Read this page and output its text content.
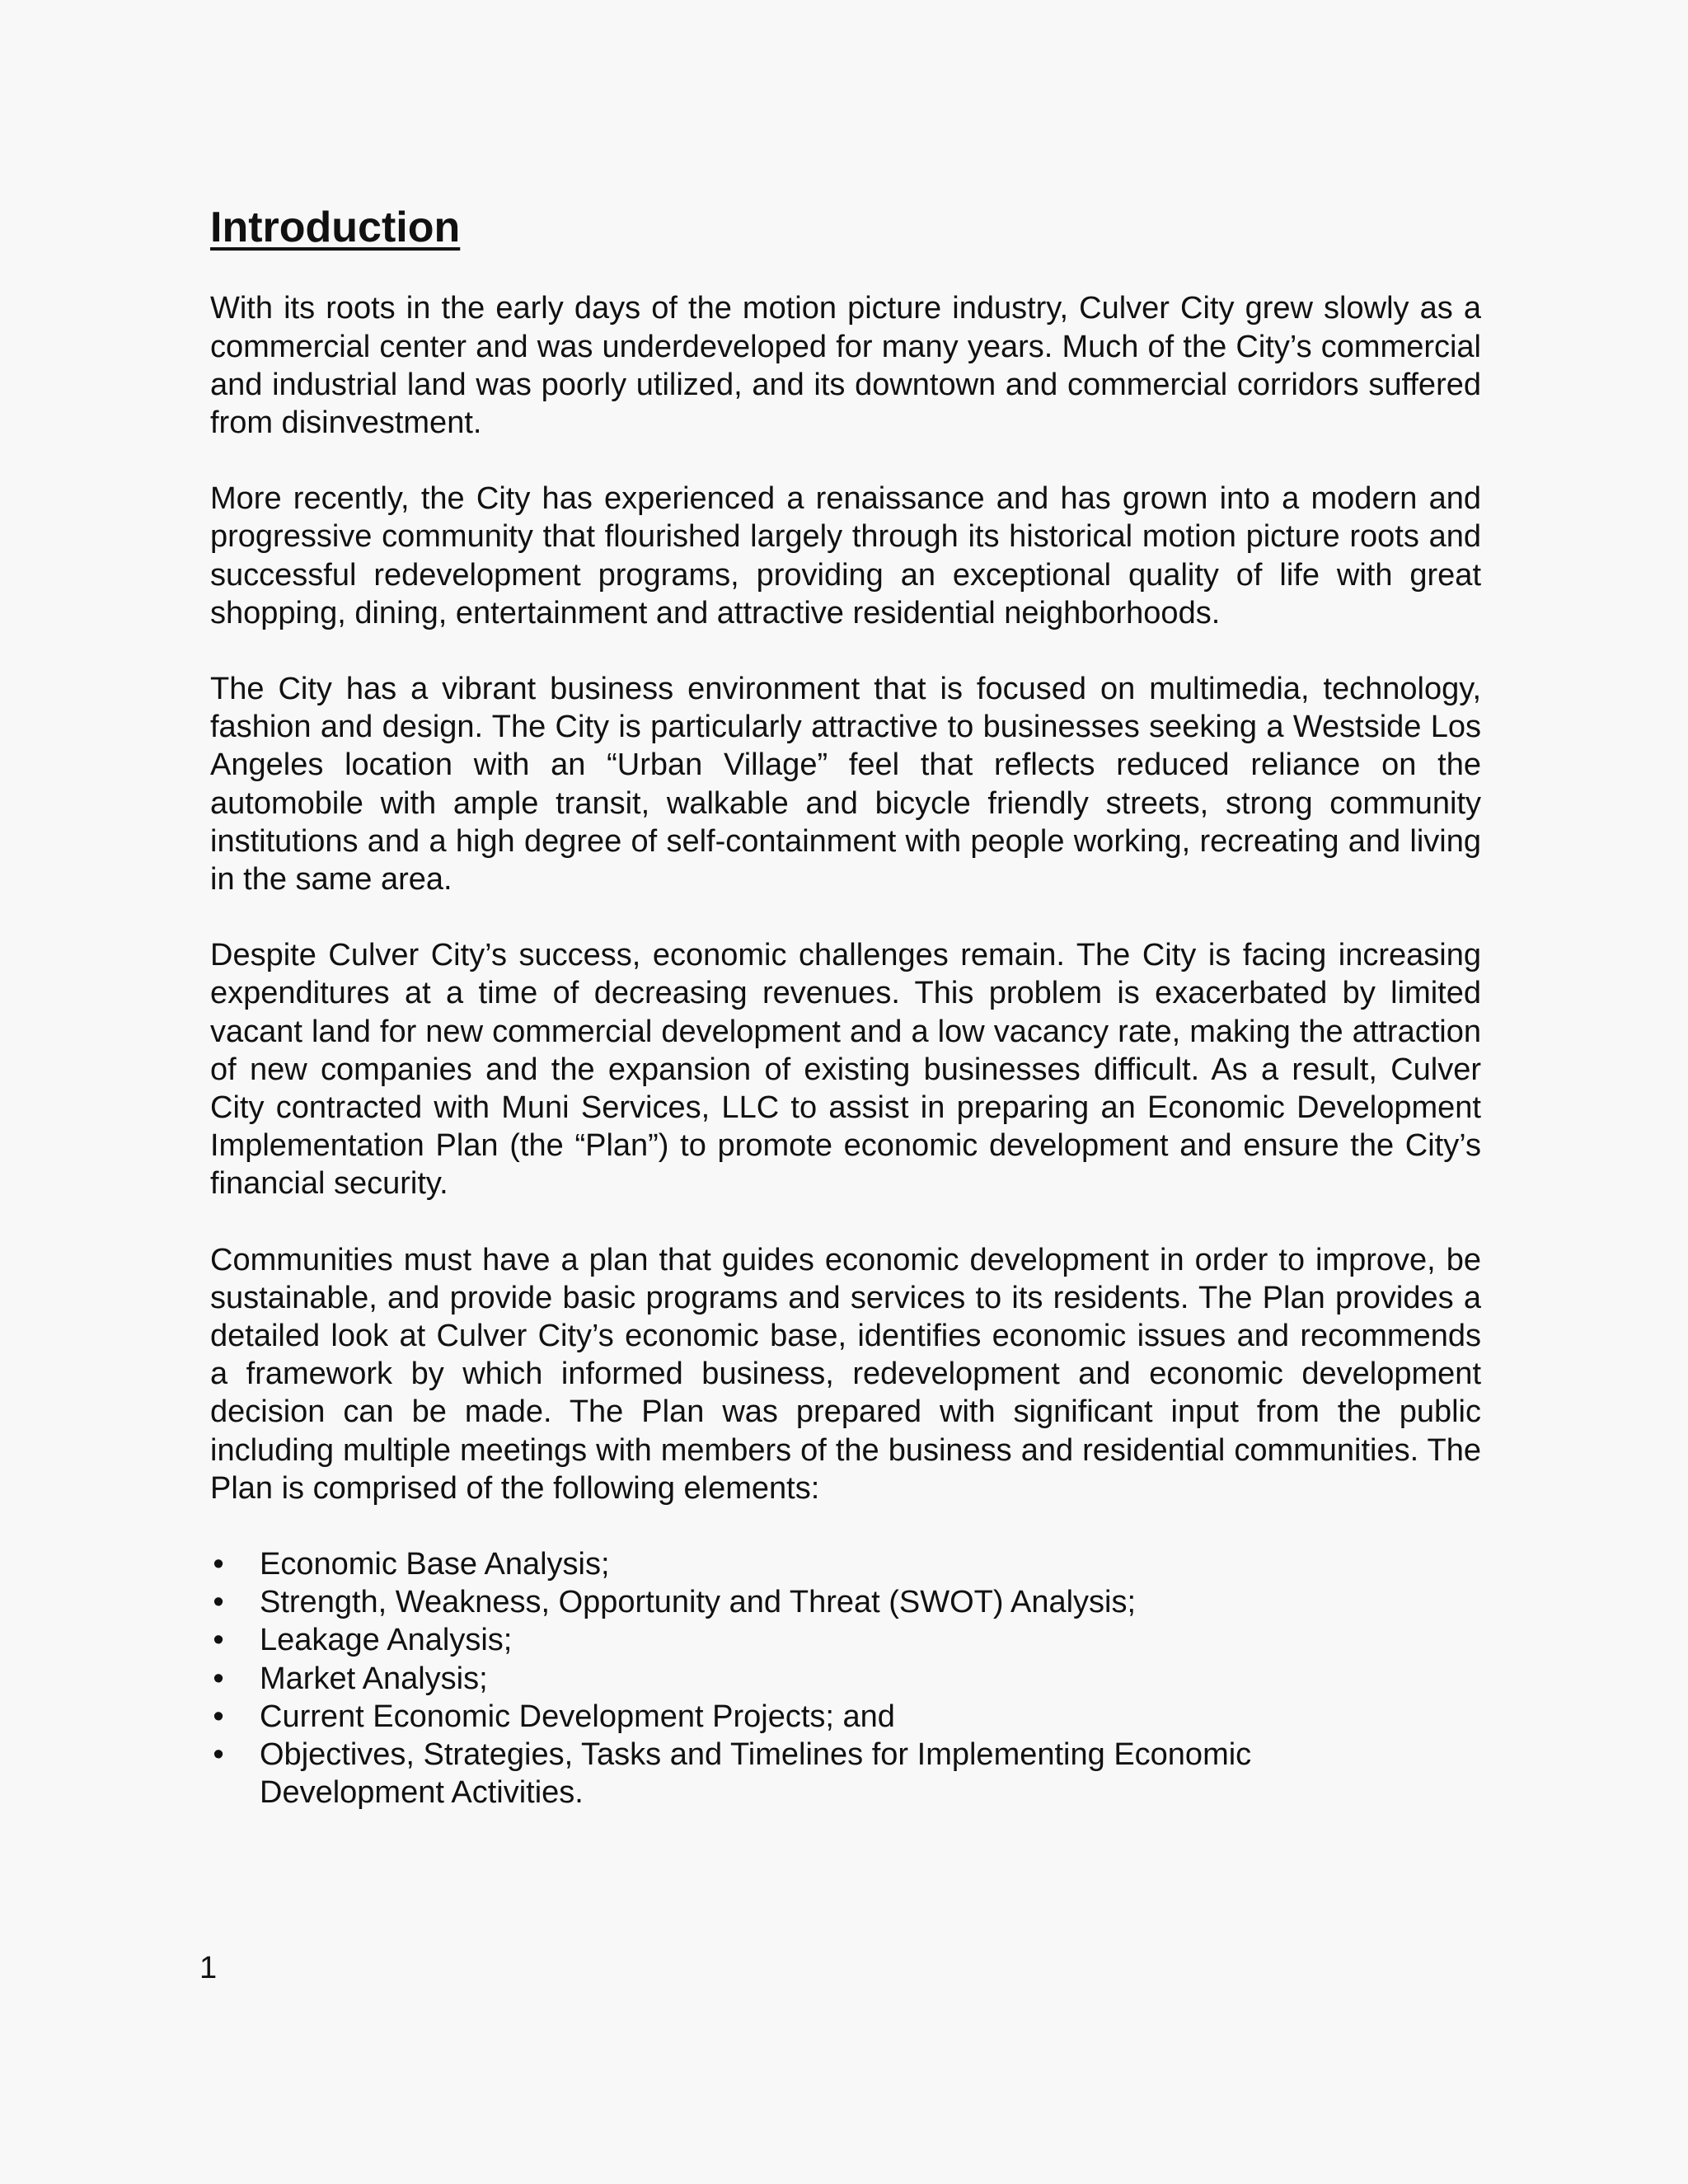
Introduction

With its roots in the early days of the motion picture industry, Culver City grew slowly as a commercial center and was underdeveloped for many years. Much of the City’s commercial and industrial land was poorly utilized, and its downtown and commercial corridors suffered from disinvestment.

More recently, the City has experienced a renaissance and has grown into a modern and progressive community that flourished largely through its historical motion picture roots and successful redevelopment programs, providing an exceptional quality of life with great shopping, dining, entertainment and attractive residential neighborhoods.

The City has a vibrant business environment that is focused on multimedia, technology, fashion and design. The City is particularly attractive to businesses seeking a Westside Los Angeles location with an “Urban Village” feel that reflects reduced reliance on the automobile with ample transit, walkable and bicycle friendly streets, strong community institutions and a high degree of self-containment with people working, recreating and living in the same area.

Despite Culver City’s success, economic challenges remain. The City is facing increasing expenditures at a time of decreasing revenues. This problem is exacerbated by limited vacant land for new commercial development and a low vacancy rate, making the attraction of new companies and the expansion of existing businesses difficult. As a result, Culver City contracted with Muni Services, LLC to assist in preparing an Economic Development Implementation Plan (the “Plan”) to promote economic development and ensure the City’s financial security.

Communities must have a plan that guides economic development in order to improve, be sustainable, and provide basic programs and services to its residents. The Plan provides a detailed look at Culver City’s economic base, identifies economic issues and recommends a framework by which informed business, redevelopment and economic development decision can be made. The Plan was prepared with significant input from the public including multiple meetings with members of the business and residential communities. The Plan is comprised of the following elements:

• Economic Base Analysis;
• Strength, Weakness, Opportunity and Threat (SWOT) Analysis;
• Leakage Analysis;
• Market Analysis;
• Current Economic Development Projects; and
• Objectives, Strategies, Tasks and Timelines for Implementing Economic Development Activities.
1
